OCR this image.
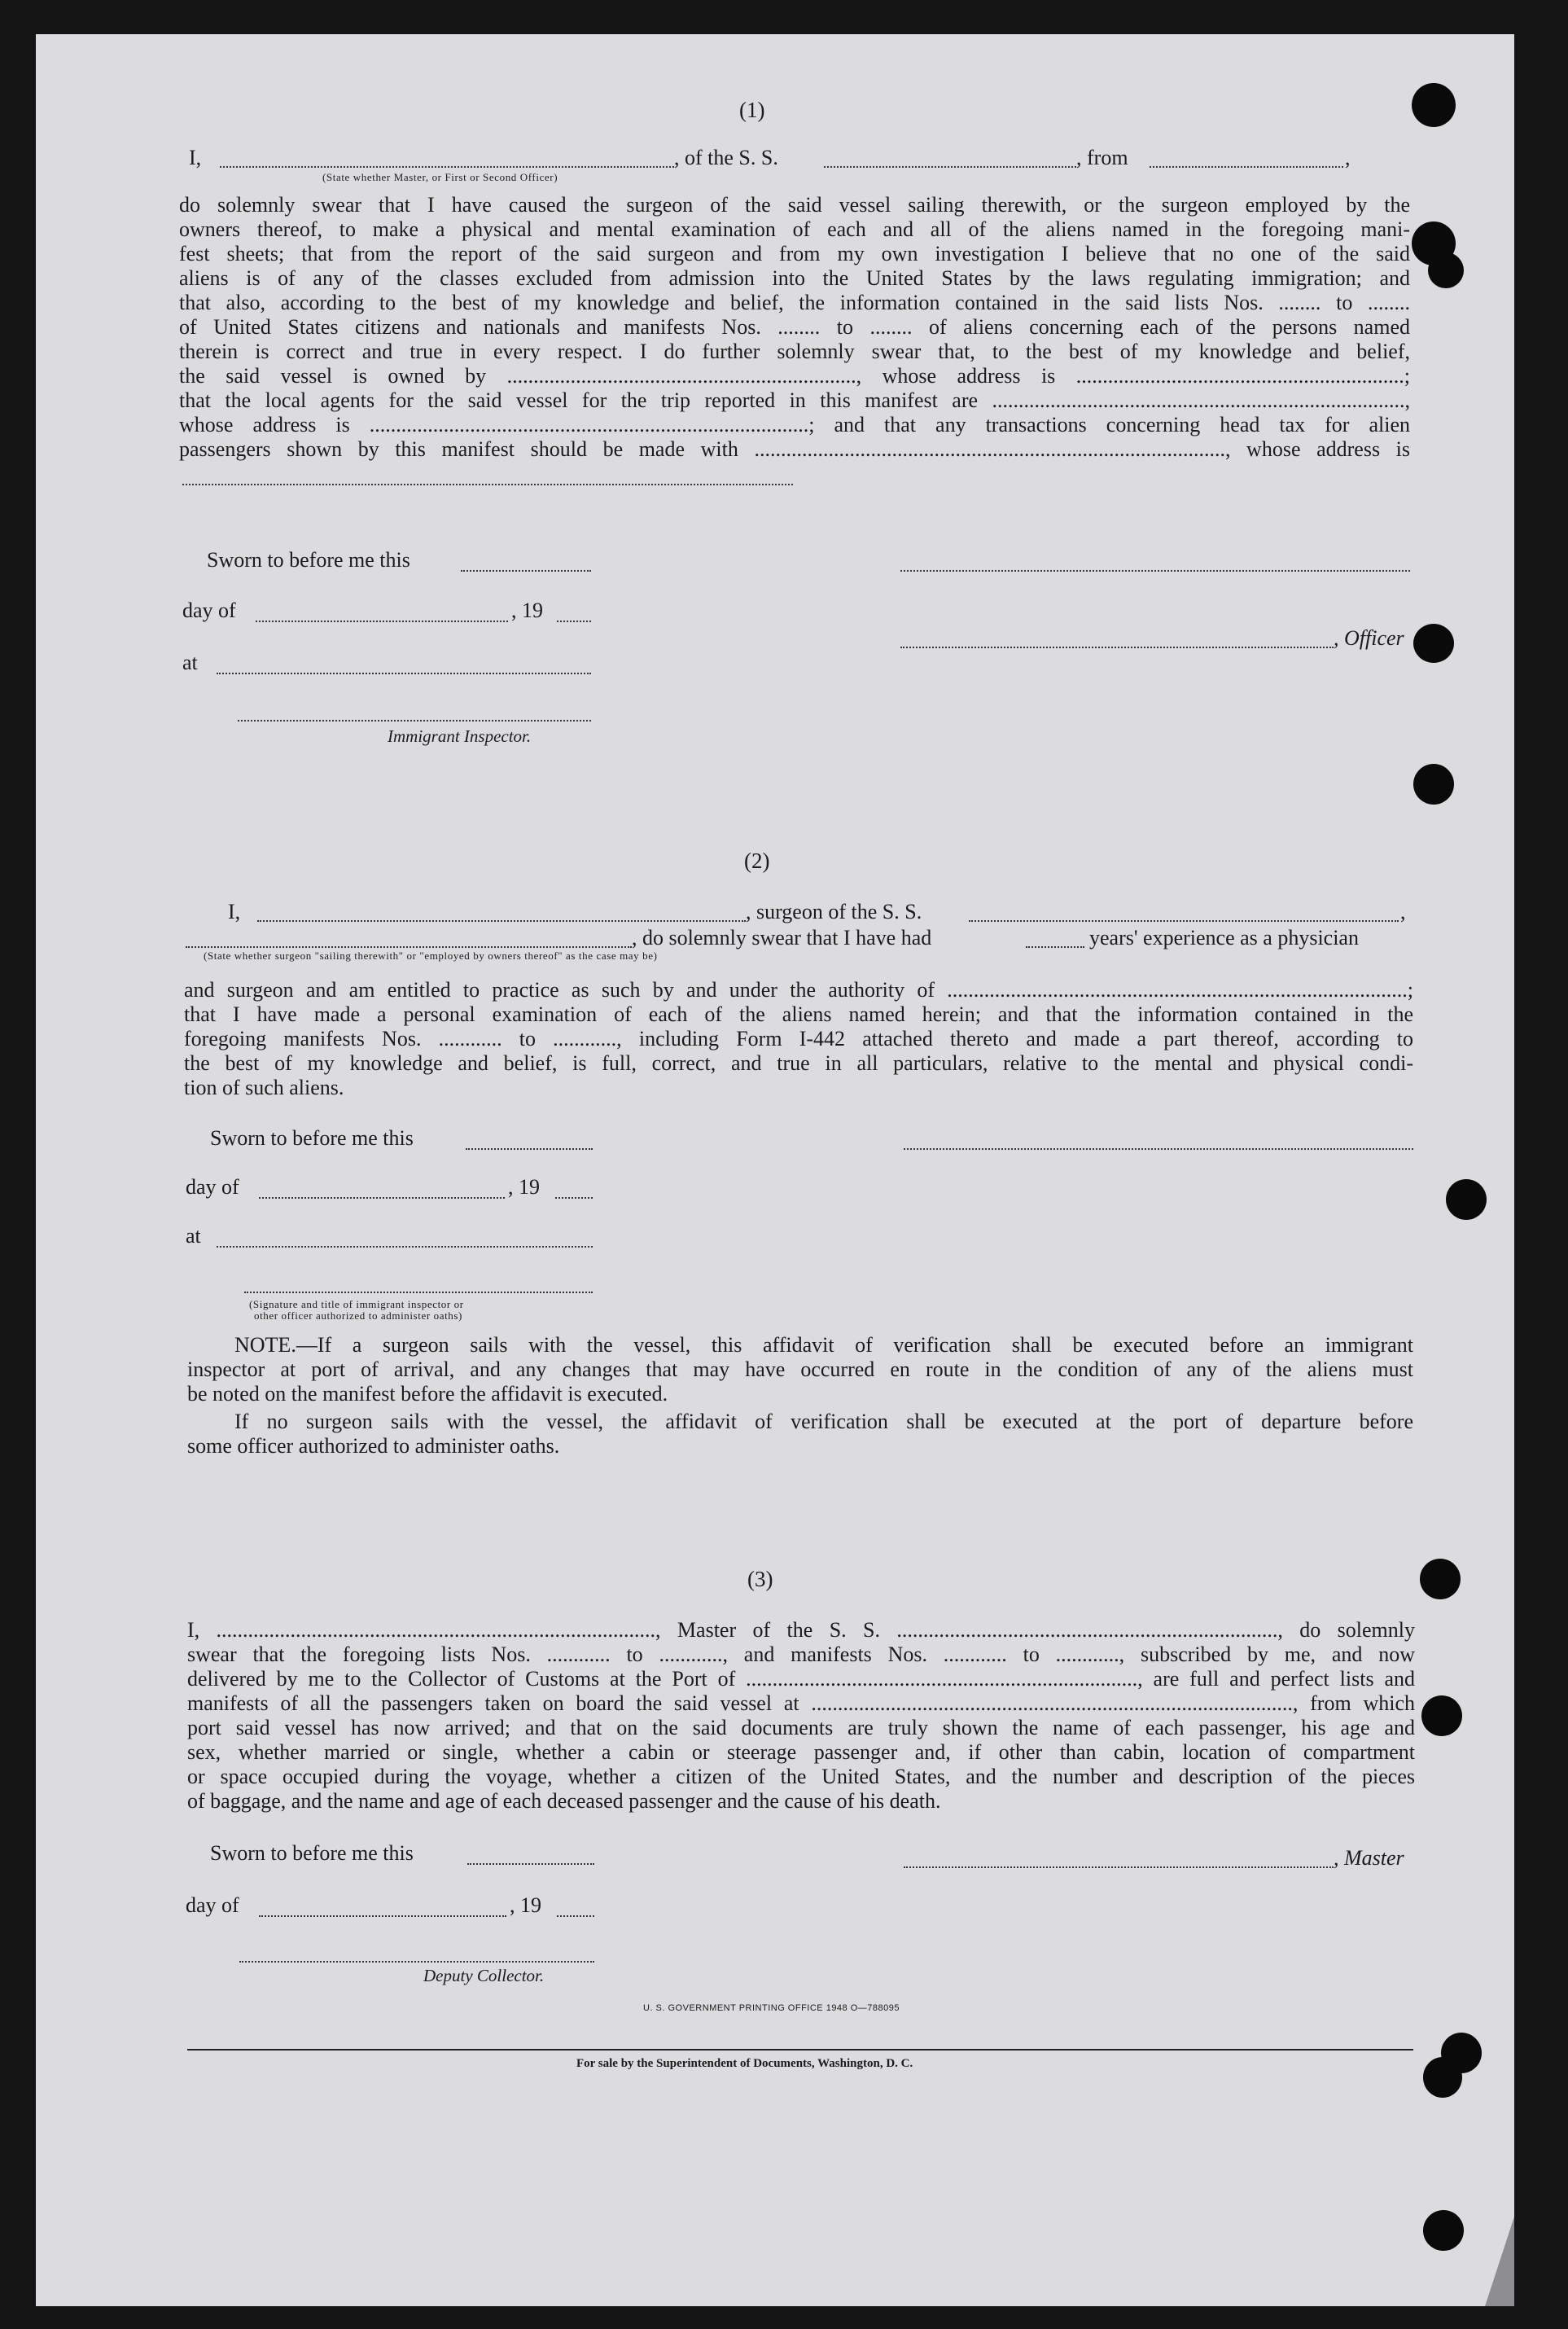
(1)
I,	, of the S. S.	, from	,
(State whether Master, or First or Second Officer)
do solemnly swear that I have caused the surgeon of the said vessel sailing therewith, or the surgeon employed by the
owners thereof, to make a physical and mental examination of each and all of the aliens named in the foregoing mani-
fest sheets; that from the report of the said surgeon and from my own investigation I believe that no one of the said
aliens is of any of the classes excluded from admission into the United States by the laws regulating immigration; and
that also, according to the best of my knowledge and belief, the information contained in the said lists Nos. ........ to ........
of United States citizens and nationals and manifests Nos. ........ to ........ of aliens concerning each of the persons named
therein is correct and true in every respect. I do further solemnly swear that, to the best of my knowledge and belief,
the said vessel is owned by .................................................................., whose address is ..............................................................;
that the local agents for the said vessel for the trip reported in this manifest are ..............................................................................,
whose address is ...................................................................................; and that any transactions concerning head tax for alien
passengers shown by this manifest should be made with ........................................................................................., whose address is
Sworn to before me this
day of	, 19
, Officer
at
Immigrant Inspector.
(2)
I,	, surgeon of the S. S.	,
, do solemnly swear that I have had	years' experience as a physician
(State whether surgeon "sailing therewith" or "employed by owners thereof" as the case may be)
and surgeon and am entitled to practice as such by and under the authority of .......................................................................................;
that I have made a personal examination of each of the aliens named herein; and that the information contained in the
foregoing manifests Nos. ............ to ............, including Form I-442 attached thereto and made a part thereof, according to
the best of my knowledge and belief, is full, correct, and true in all particulars, relative to the mental and physical condi-
tion of such aliens.
Sworn to before me this
day of	, 19
at
(Signature and title of immigrant inspector or
other officer authorized to administer oaths)
NOTE.—If a surgeon sails with the vessel, this affidavit of verification shall be executed before an immigrant
inspector at port of arrival, and any changes that may have occurred en route in the condition of any of the aliens must
be noted on the manifest before the affidavit is executed.
If no surgeon sails with the vessel, the affidavit of verification shall be executed at the port of departure before
some officer authorized to administer oaths.
(3)
I, ..................................................................................., Master of the S. S. ........................................................................, do solemnly
swear that the foregoing lists Nos. ............ to ............, and manifests Nos. ............ to ............, subscribed by me, and now
delivered by me to the Collector of Customs at the Port of .........................................................................., are full and perfect lists and
manifests of all the passengers taken on board the said vessel at ..........................................................................................., from which
port said vessel has now arrived; and that on the said documents are truly shown the name of each passenger, his age and
sex, whether married or single, whether a cabin or steerage passenger and, if other than cabin, location of compartment
or space occupied during the voyage, whether a citizen of the United States, and the number and description of the pieces
of baggage, and the name and age of each deceased passenger and the cause of his death.
Sworn to before me this	, Master
day of	, 19
Deputy Collector.
U. S. GOVERNMENT PRINTING OFFICE 1948 O—788095
For sale by the Superintendent of Documents, Washington, D. C.
